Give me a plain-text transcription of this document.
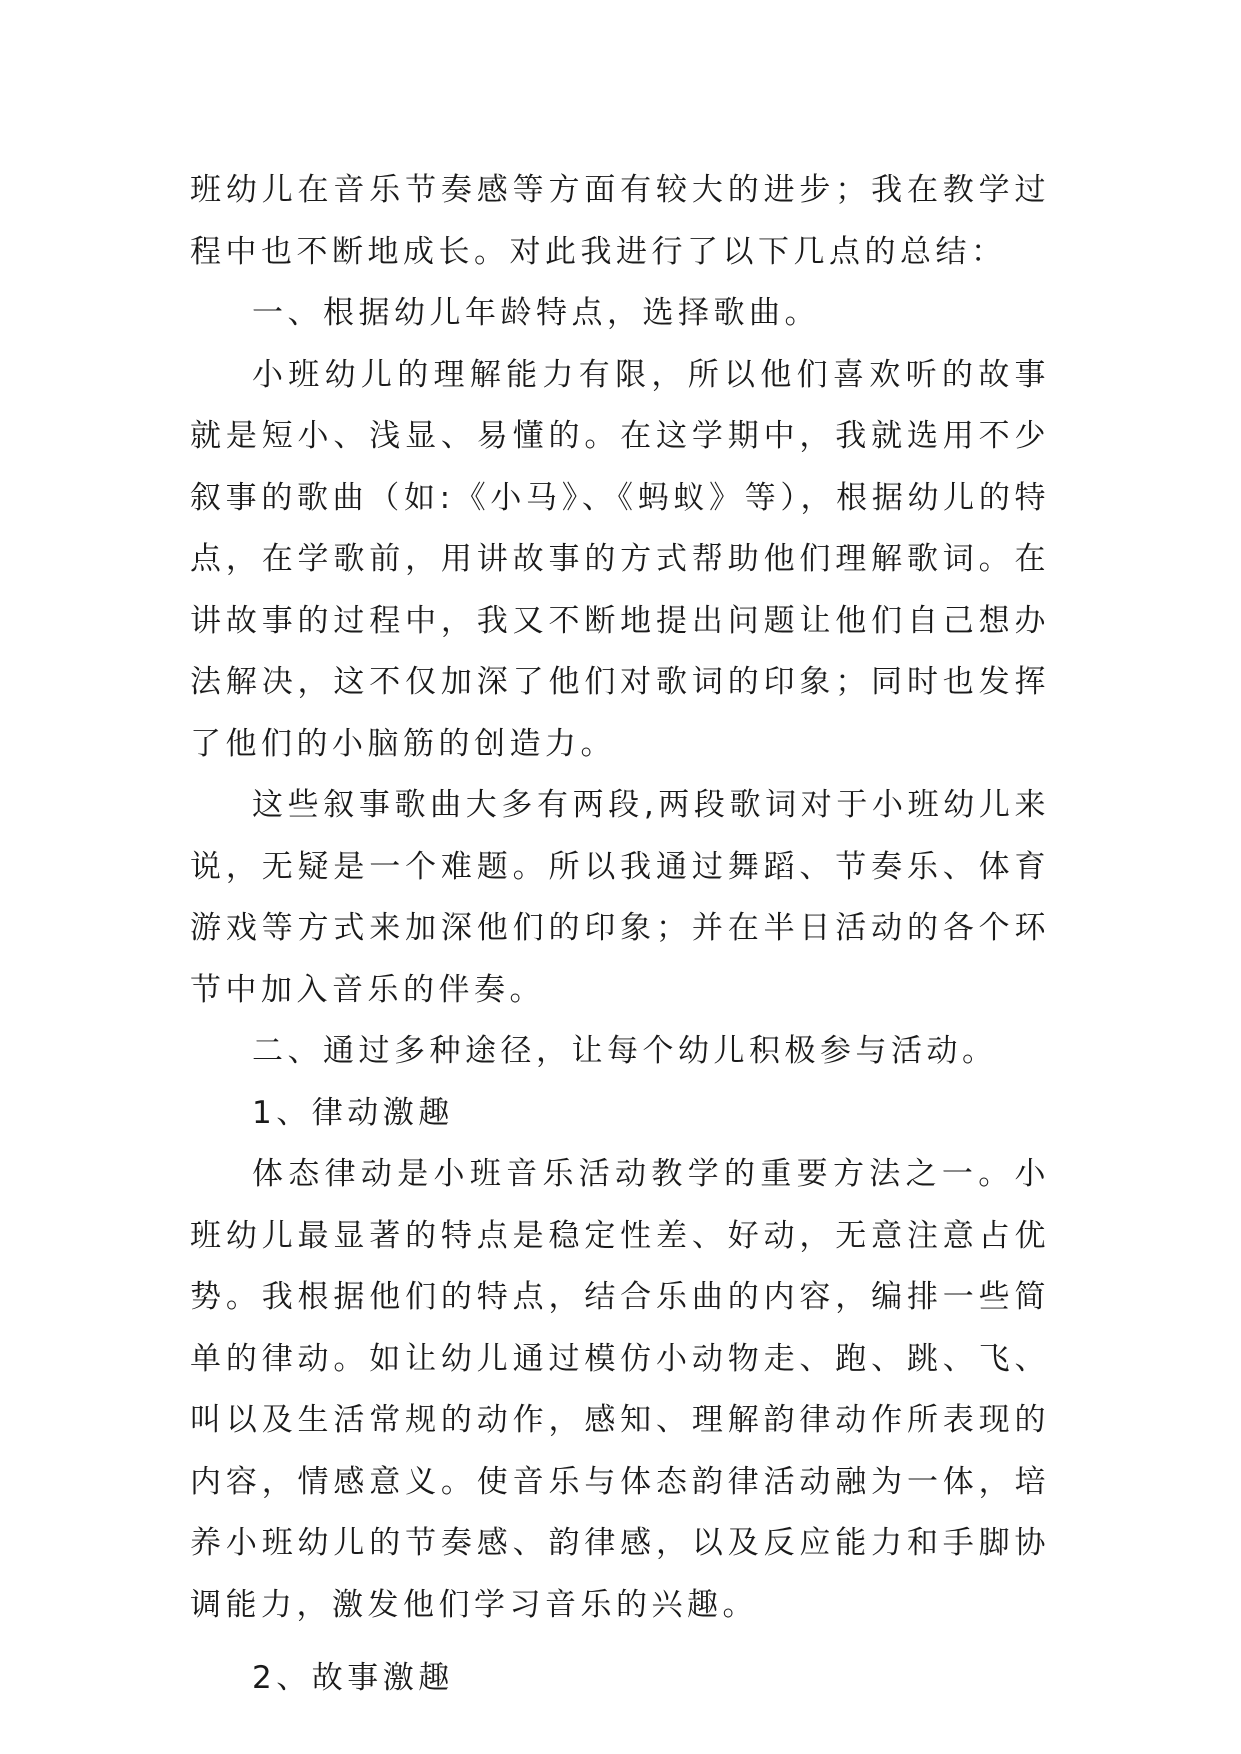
班幼儿在音乐节奏感等方面有较大的进步；我在教学过程中也不断地成长。对此我进行了以下几点的总结：

一、根据幼儿年龄特点，选择歌曲。

小班幼儿的理解能力有限，所以他们喜欢听的故事就是短小、浅显、易懂的。在这学期中，我就选用不少叙事的歌曲（如:《小马》、《蚂蚁》等），根据幼儿的特点，在学歌前，用讲故事的方式帮助他们理解歌词。在讲故事的过程中，我又不断地提出问题让他们自己想办法解决，这不仅加深了他们对歌词的印象；同时也发挥了他们的小脑筋的创造力。

这些叙事歌曲大多有两段,两段歌词对于小班幼儿来说，无疑是一个难题。所以我通过舞蹈、节奏乐、体育游戏等方式来加深他们的印象；并在半日活动的各个环节中加入音乐的伴奏。

二、通过多种途径，让每个幼儿积极参与活动。

1、律动激趣

体态律动是小班音乐活动教学的重要方法之一。小班幼儿最显著的特点是稳定性差、好动，无意注意占优势。我根据他们的特点，结合乐曲的内容，编排一些简单的律动。如让幼儿通过模仿小动物走、跑、跳、飞、叫以及生活常规的动作，感知、理解韵律动作所表现的内容，情感意义。使音乐与体态韵律活动融为一体，培养小班幼儿的节奏感、韵律感，以及反应能力和手脚协调能力，激发他们学习音乐的兴趣。

2、故事激趣
